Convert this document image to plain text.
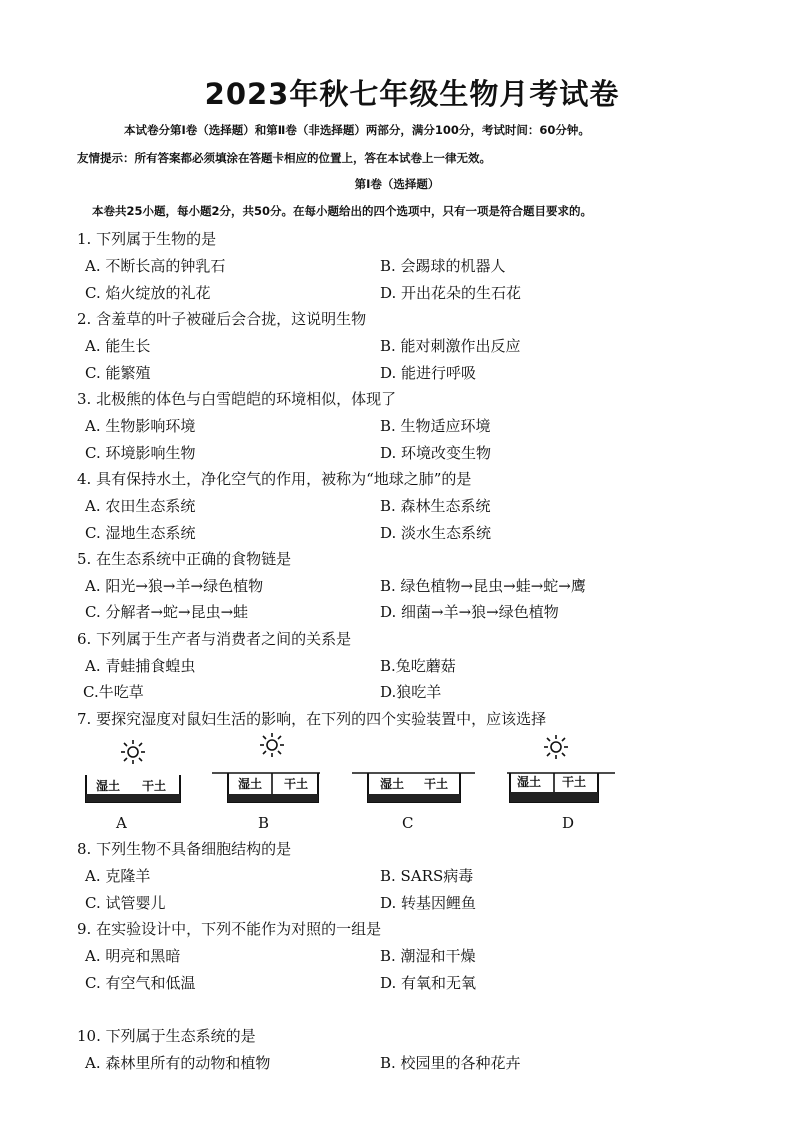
2023年秋七年级生物月考试卷
本试卷分第Ⅰ卷（选择题）和第Ⅱ卷（非选择题）两部分，满分100分，考试时间：60分钟。
友情提示：所有答案都必须填涂在答题卡相应的位置上，答在本试卷上一律无效。
第Ⅰ卷（选择题）
本卷共25小题，每小题2分，共50分。在每小题给出的四个选项中，只有一项是符合题目要求的。
1. 下列属于生物的是
A. 不断长高的钟乳石	B. 会踢球的机器人
C. 焰火绽放的礼花	D. 开出花朵的生石花
2. 含羞草的叶子被碰后会合拢，这说明生物
A. 能生长	B. 能对刺激作出反应
C. 能繁殖	D. 能进行呼吸
3. 北极熊的体色与白雪皑皑的环境相似，体现了
A. 生物影响环境	B. 生物适应环境
C. 环境影响生物	D. 环境改变生物
4. 具有保持水土，净化空气的作用，被称为“地球之肺”的是
A. 农田生态系统	B. 森林生态系统
C. 湿地生态系统	D. 淡水生态系统
5. 在生态系统中正确的食物链是
A. 阳光→狼→羊→绿色植物	B. 绿色植物→昆虫→蛙→蛇→鹰
C. 分解者→蛇→昆虫→蛙	D. 细菌→羊→狼→绿色植物
6. 下列属于生产者与消费者之间的关系是
A. 青蛙捕食蝗虫	B.兔吃蘑菇
C.牛吃草	D.狼吃羊
7. 要探究湿度对鼠妇生活的影响，在下列的四个实验装置中，应该选择
湿土 干土	湿土 干土	湿土 干土	湿土 干土
A	B	C	D
8. 下列生物不具备细胞结构的是
A. 克隆羊	B. SARS病毒
C. 试管婴儿	D. 转基因鲤鱼
9. 在实验设计中，下列不能作为对照的一组是
A. 明亮和黑暗	B. 潮湿和干燥
C. 有空气和低温	D. 有氧和无氧
10. 下列属于生态系统的是
A. 森林里所有的动物和植物	B. 校园里的各种花卉
